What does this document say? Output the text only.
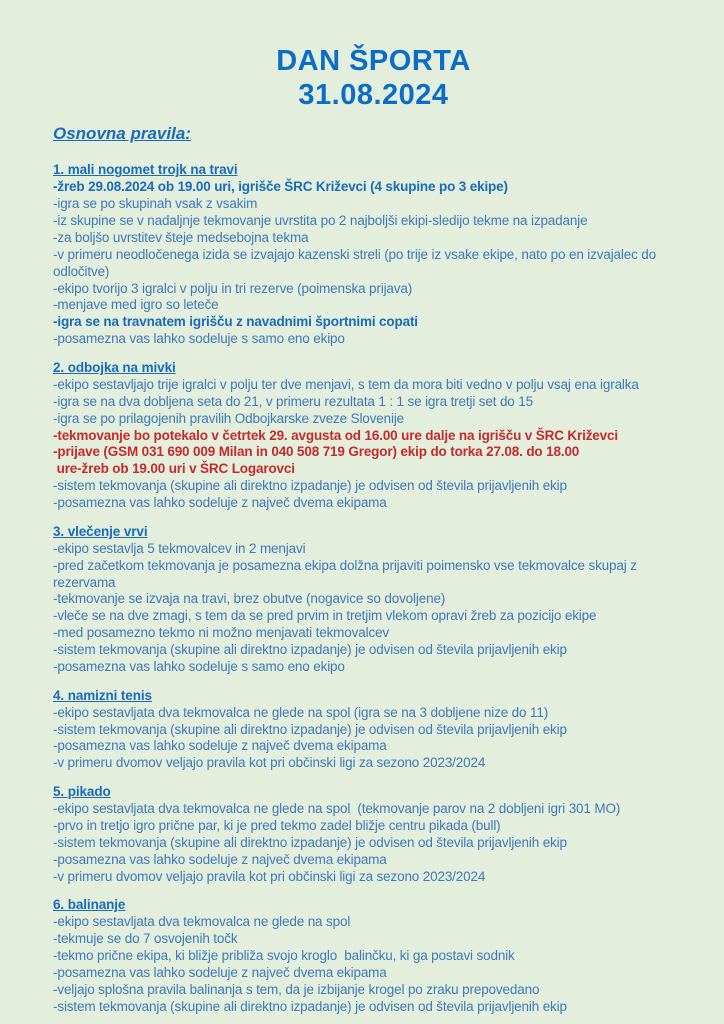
DAN ŠPORTA
31.08.2024
Osnovna pravila:
1. mali nogomet trojk na travi

-žreb 29.08.2024 ob 19.00 uri, igrišče ŠRC Križevci (4 skupine po 3 ekipe)

-igra se po skupinah vsak z vsakim

-iz skupine se v nadaljnje tekmovanje uvrstita po 2 najboljši ekipi-sledijo tekme na izpadanje

-za boljšo uvrstitev šteje medsebojna tekma

-v primeru neodločenega izida se izvajajo kazenski streli (po trije iz vsake ekipe, nato po en izvajalec do odločitve)

-ekipo tvorijo 3 igralci v polju in tri rezerve (poimenska prijava)

-menjave med igro so leteče

-igra se na travnatem igrišču z navadnimi športnimi copati

-posamezna vas lahko sodeluje s samo eno ekipo

2. odbojka na mivki

-ekipo sestavljajo trije igralci v polju ter dve menjavi, s tem da mora biti vedno v polju vsaj ena igralka

-igra se na dva dobljena seta do 21, v primeru rezultata 1 : 1 se igra tretji set do 15

-igra se po prilagojenih pravilih Odbojkarske zveze Slovenije

-tekmovanje bo potekalo v četrtek 29. avgusta od 16.00 ure dalje na igrišču v ŠRC Križevci

-prijave (GSM 031 690 009 Milan in 040 508 719 Gregor) ekip do torka 27.08. do 18.00

ure-žreb ob 19.00 uri v ŠRC Logarovci

-sistem tekmovanja (skupine ali direktno izpadanje) je odvisen od števila prijavljenih ekip

-posamezna vas lahko sodeluje z največ dvema ekipama

3. vlečenje vrvi

-ekipo sestavlja 5 tekmovalcev in 2 menjavi

-pred začetkom tekmovanja je posamezna ekipa dolžna prijaviti poimensko vse tekmovalce skupaj z rezervama

-tekmovanje se izvaja na travi, brez obutve (nogavice so dovoljene)

-vleče se na dve zmagi, s tem da se pred prvim in tretjim vlekom opravi žreb za pozicijo ekipe

-med posamezno tekmo ni možno menjavati tekmovalcev

-sistem tekmovanja (skupine ali direktno izpadanje) je odvisen od števila prijavljenih ekip

-posamezna vas lahko sodeluje s samo eno ekipo

4. namizni tenis

-ekipo sestavljata dva tekmovalca ne glede na spol (igra se na 3 dobljene nize do 11)

-sistem tekmovanja (skupine ali direktno izpadanje) je odvisen od števila prijavljenih ekip

-posamezna vas lahko sodeluje z največ dvema ekipama

-v primeru dvomov veljajo pravila kot pri občinski ligi za sezono 2023/2024

5. pikado

-ekipo sestavljata dva tekmovalca ne glede na spol  (tekmovanje parov na 2 dobljeni igri 301 MO)

-prvo in tretjo igro prične par, ki je pred tekmo zadel bližje centru pikada (bull)

-sistem tekmovanja (skupine ali direktno izpadanje) je odvisen od števila prijavljenih ekip

-posamezna vas lahko sodeluje z največ dvema ekipama

-v primeru dvomov veljajo pravila kot pri občinski ligi za sezono 2023/2024

6. balinanje

-ekipo sestavljata dva tekmovalca ne glede na spol

-tekmuje se do 7 osvojenih točk

-tekmo prične ekipa, ki bližje približa svojo kroglo  balinčku, ki ga postavi sodnik

-posamezna vas lahko sodeluje z največ dvema ekipama

-veljajo splošna pravila balinanja s tem, da je izbijanje krogel po zraku prepovedano

-sistem tekmovanja (skupine ali direktno izpadanje) je odvisen od števila prijavljenih ekip
